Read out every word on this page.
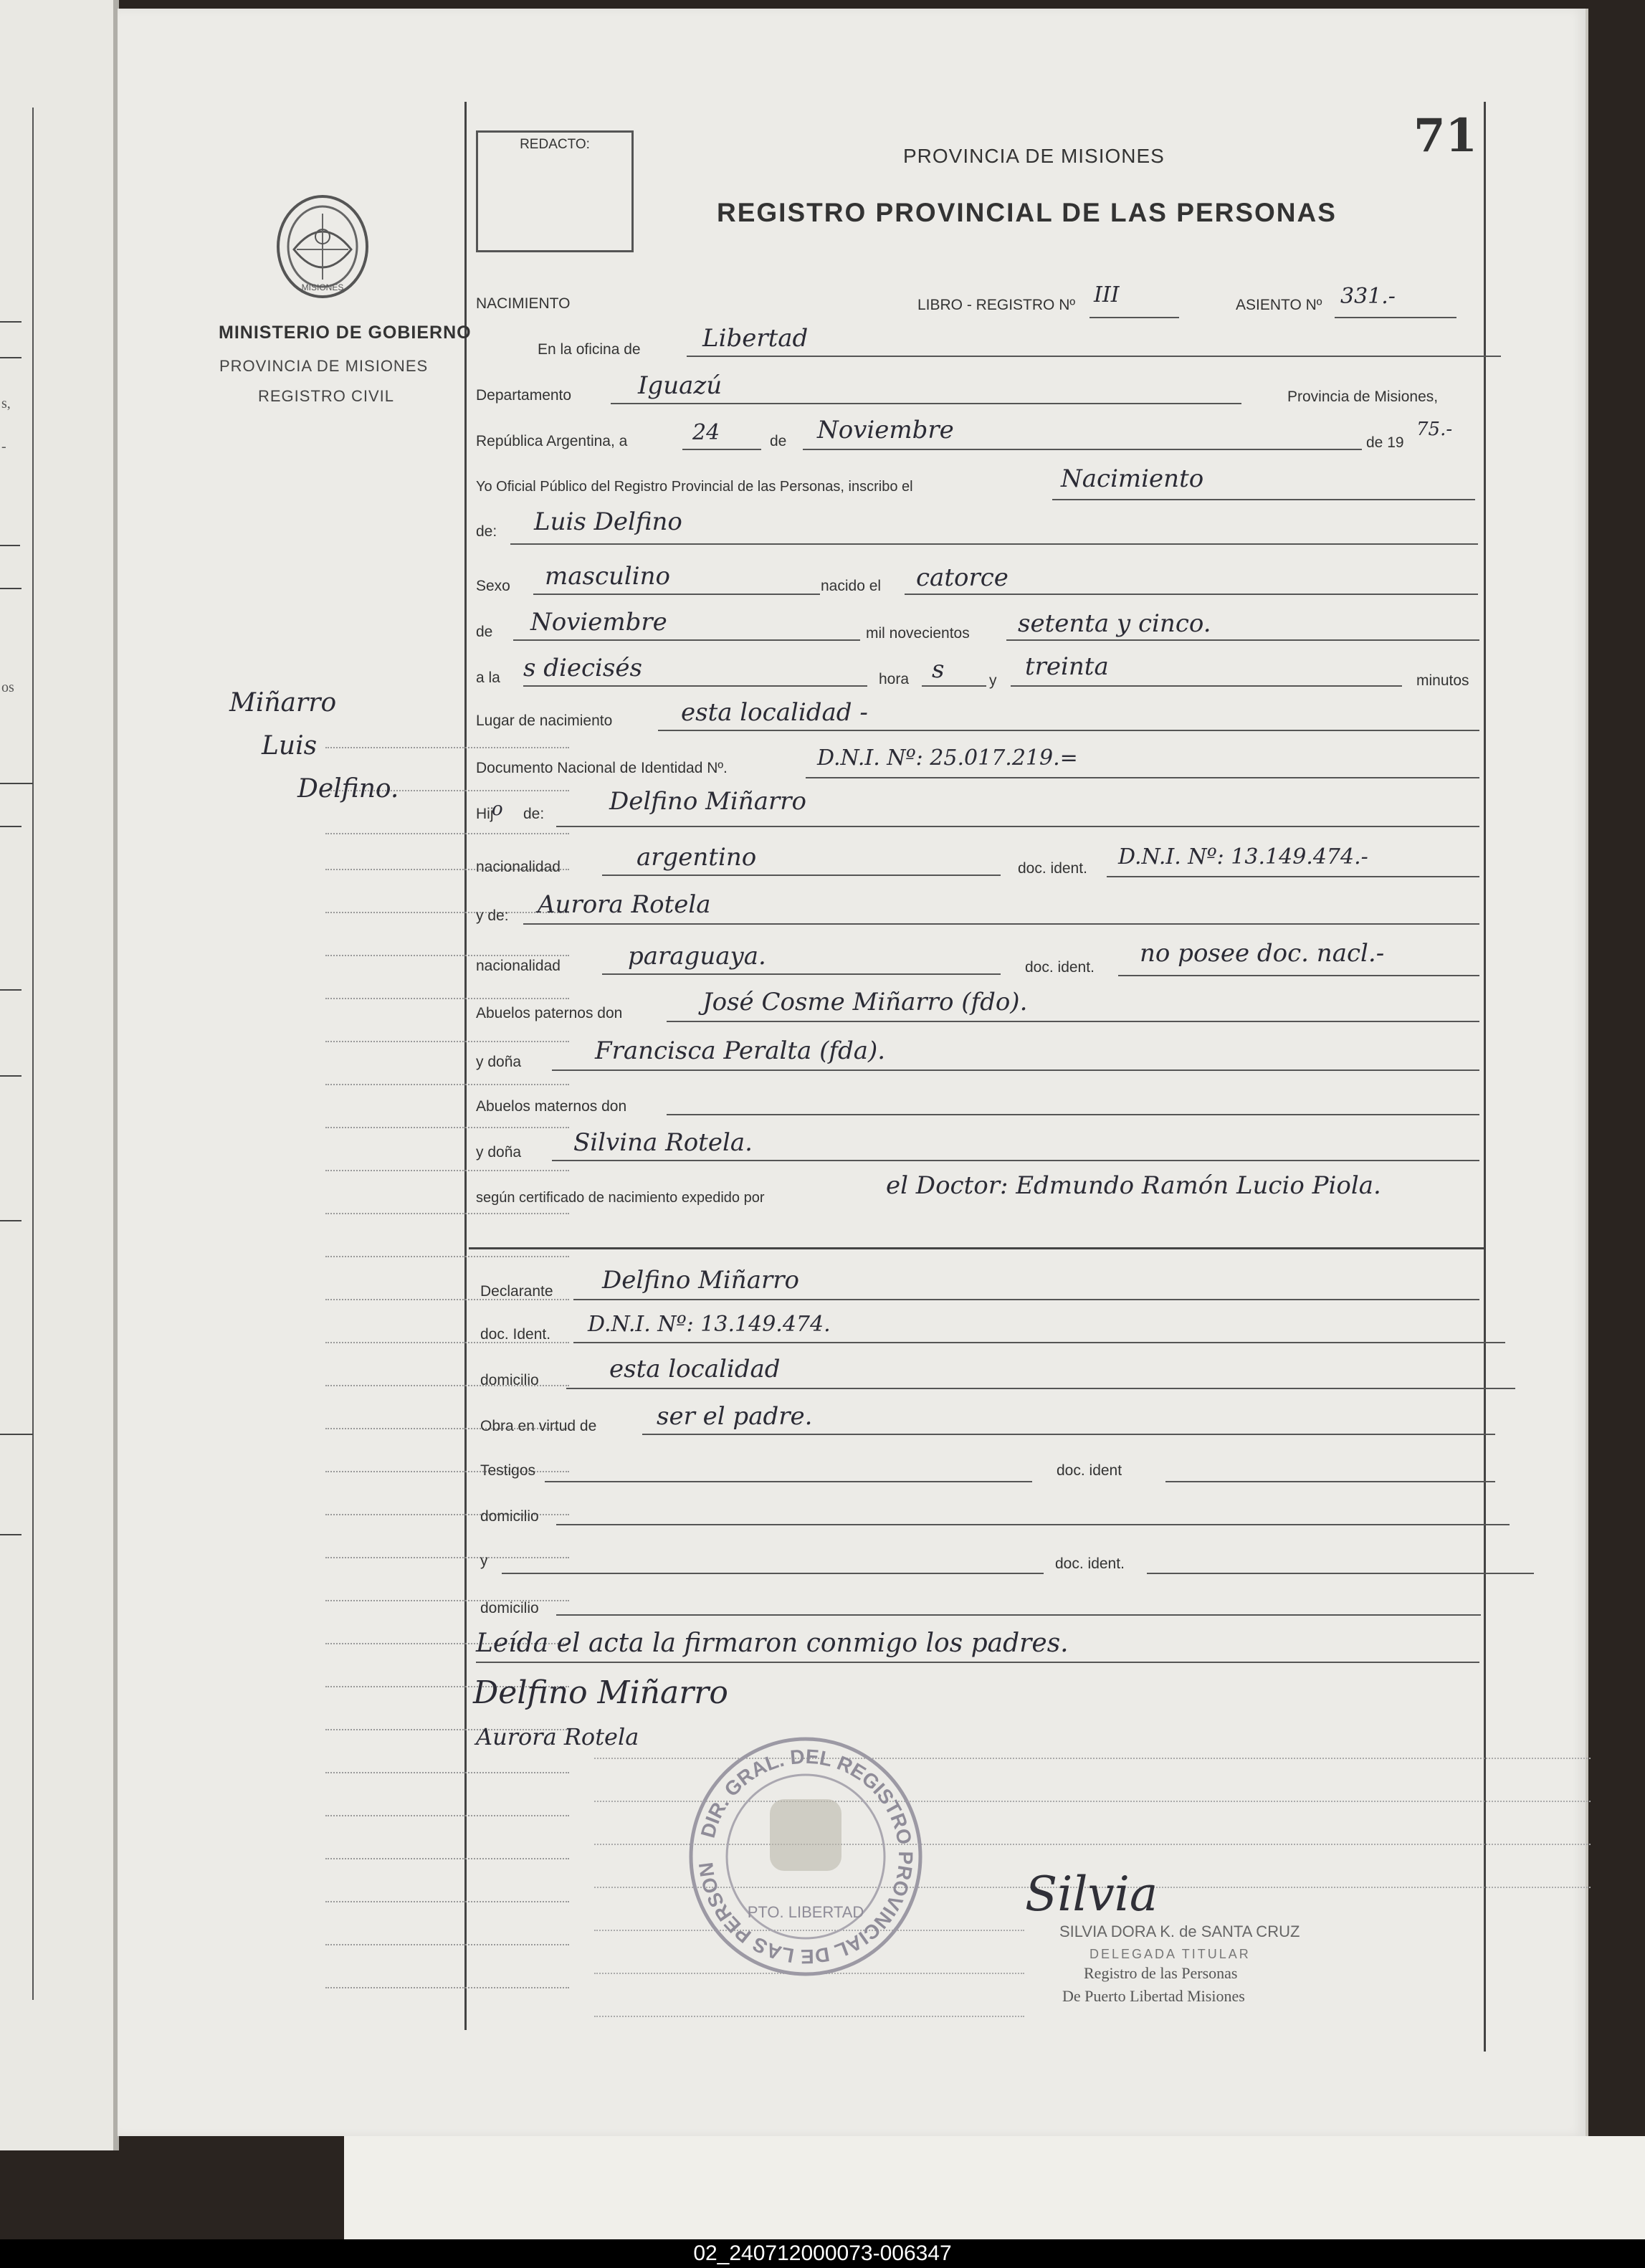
s,
-
os
REDACTO:
PROVINCIA DE MISIONES
REGISTRO PROVINCIAL DE LAS PERSONAS
71
MISIONES
MINISTERIO DE GOBIERNO
PROVINCIA DE MISIONES
REGISTRO CIVIL
Miñarro
Luis
Delfino.
NACIMIENTO	LIBRO - REGISTRO Nº III	ASIENTO Nº 331.-
En la oficina de	Libertad
Departamento	Iguazú	Provincia de Misiones,
República Argentina, a	24	de Noviembre	de 19
75.-
Yo Oficial Público del Registro Provincial de las Personas, inscribo el	Nacimiento
de: Luis Delfino
Sexo masculino	nacido el catorce
de Noviembre	mil novecientos setenta y cinco.
a la s diecisés	hora s	y treinta	minutos
Lugar de nacimiento	esta localidad -
Documento Nacional de Identidad Nº.	D.N.I. Nº: 25.017.219.=
Hij
o de:	Delfino Miñarro
nacionalidad	argentino	doc. ident. D.N.I. Nº: 13.149.474.-
y de: Aurora Rotela
nacionalidad	paraguaya.	doc. ident. no posee doc. nacl.-
Abuelos paternos don	José Cosme Miñarro (fdo).
y doña	Francisca Peralta (fda).
Abuelos maternos don
y doña Silvina Rotela.
según certificado de nacimiento expedido por	el Doctor: Edmundo Ramón Lucio Piola.
Declarante Delfino Miñarro
doc. Ident. D.N.I. Nº: 13.149.474.
domicilio	esta localidad
Obra en virtud de ser el padre.
Testigos	doc. ident
domicilio
y	doc. ident.
domicilio
Leída el acta la firmaron conmigo los padres.
Delfino Miñarro
Aurora Rotela
DIR. GRAL. DEL REGISTRO PROVINCIAL DE LAS PERSON
PTO. LIBERTAD	Silvia
SILVIA DORA K. de SANTA CRUZ
DELEGADA TITULAR
Registro de las Personas
De Puerto Libertad Misiones
02_240712000073-006347
